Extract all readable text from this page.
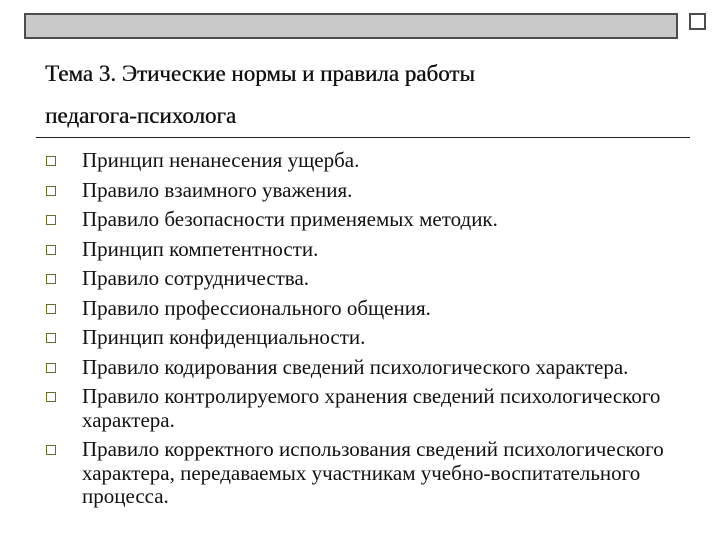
Тема 3. Этические нормы и правила работы
педагога-психолога
Принцип ненанесения ущерба.
Правило взаимного уважения.
Правило безопасности применяемых методик.
Принцип компетентности.
Правило сотрудничества.
Правило профессионального общения.
Принцип конфиденциальности.
Правило кодирования сведений психологического характера.
Правило контролируемого хранения сведений психологического характера.
Правило корректного использования сведений психологического характера, передаваемых участникам учебно-воспитательного процесса.
